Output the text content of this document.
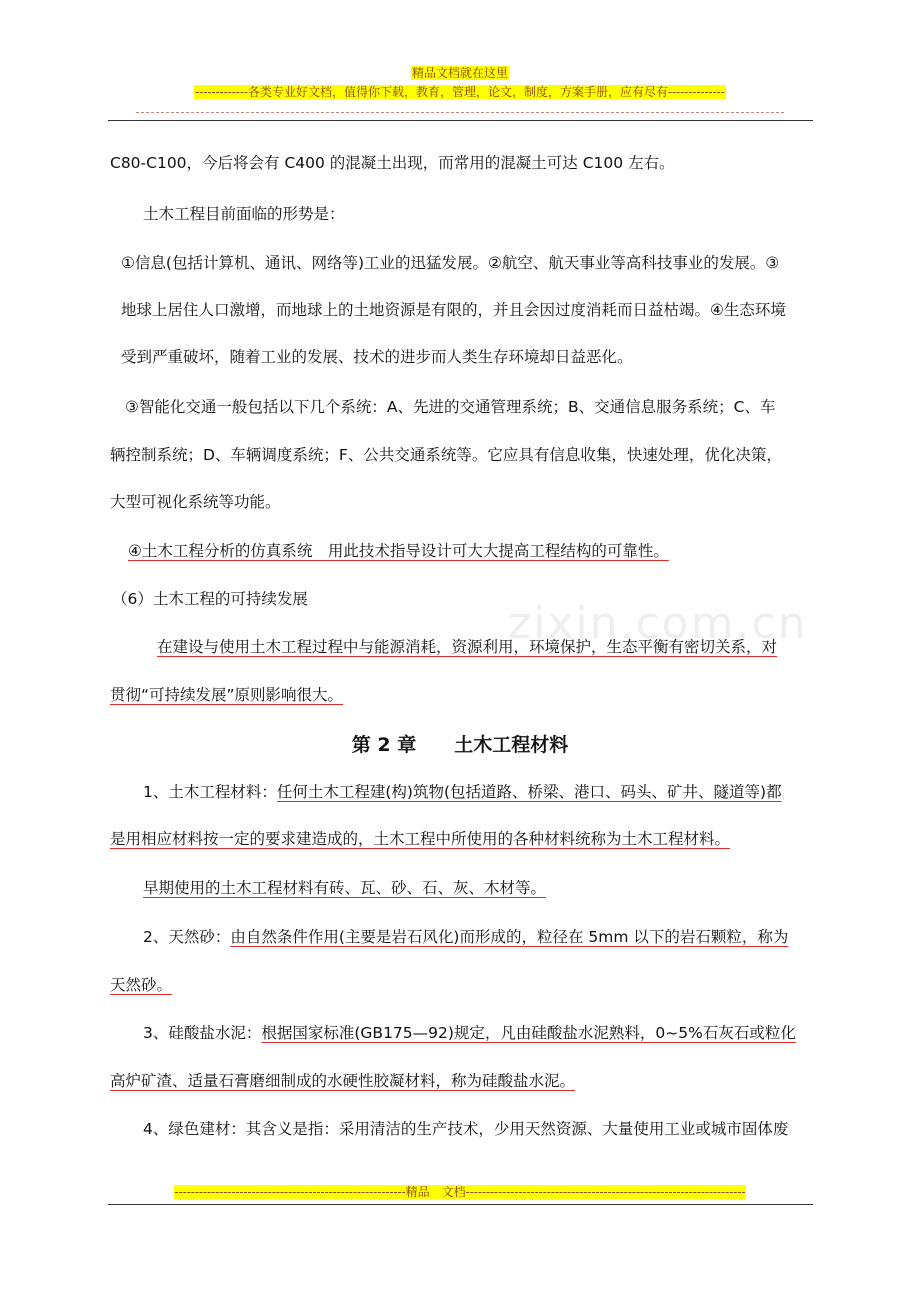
精品文档就在这里
-------------各类专业好文档，值得你下载，教育，管理，论文，制度，方案手册，应有尽有--------------
zixin.com.cn
C80-C100，今后将会有 C400 的混凝土出现，而常用的混凝土可达 C100 左右。
土木工程目前面临的形势是：
①信息(包括计算机、通讯、网络等)工业的迅猛发展。②航空、航天事业等高科技事业的发展。③
地球上居住人口激增，而地球上的土地资源是有限的，并且会因过度消耗而日益枯竭。④生态环境
受到严重破坏，随着工业的发展、技术的进步而人类生存环境却日益恶化。
③智能化交通一般包括以下几个系统：A、先进的交通管理系统；B、交通信息服务系统；C、车
辆控制系统；D、车辆调度系统；F、公共交通系统等。它应具有信息收集，快速处理，优化决策，
大型可视化系统等功能。
④土木工程分析的仿真系统　用此技术指导设计可大大提高工程结构的可靠性。
（6）土木工程的可持续发展
在建设与使用土木工程过程中与能源消耗，资源利用，环境保护，生态平衡有密切关系，对
贯彻“可持续发展”原则影响很大。
第 2 章　　土木工程材料
1、土木工程材料：任何土木工程建(构)筑物(包括道路、桥梁、港口、码头、矿井、隧道等)都
是用相应材料按一定的要求建造成的，土木工程中所使用的各种材料统称为土木工程材料。
早期使用的土木工程材料有砖、瓦、砂、石、灰、木材等。
2、天然砂：由自然条件作用(主要是岩石风化)而形成的，粒径在 5mm 以下的岩石颗粒，称为
天然砂。
3、硅酸盐水泥：根据国家标准(GB175—92)规定，凡由硅酸盐水泥熟料，0~5%石灰石或粒化
高炉矿渣、适量石膏磨细制成的水硬性胶凝材料，称为硅酸盐水泥。
4、绿色建材：其含义是指：采用清洁的生产技术，少用天然资源、大量使用工业或城市固体废
---------------------------------------------------------精品　文档---------------------------------------------------------------------
